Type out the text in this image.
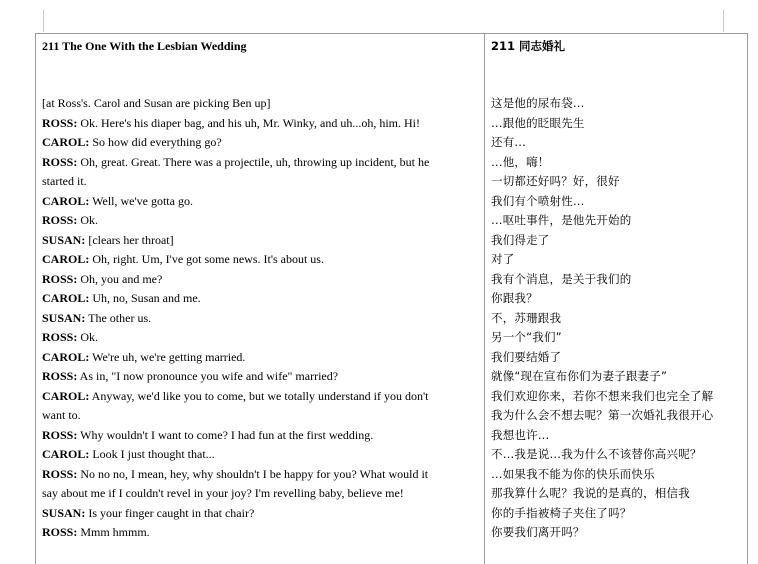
211 The One With the Lesbian Wedding
[at Ross's. Carol and Susan are picking Ben up]
ROSS: Ok. Here's his diaper bag, and his uh, Mr. Winky, and uh...oh, him. Hi!
CAROL: So how did everything go?
ROSS: Oh, great. Great. There was a projectile, uh, throwing up incident, but he
started it.
CAROL: Well, we've gotta go.
ROSS: Ok.
SUSAN: [clears her throat]
CAROL: Oh, right. Um, I've got some news. It's about us.
ROSS: Oh, you and me?
CAROL: Uh, no, Susan and me.
SUSAN: The other us.
ROSS: Ok.
CAROL: We're uh, we're getting married.
ROSS: As in, "I now pronounce you wife and wife" married?
CAROL: Anyway, we'd like you to come, but we totally understand if you don't
want to.
ROSS: Why wouldn't I want to come? I had fun at the first wedding.
CAROL: Look I just thought that...
ROSS: No no no, I mean, hey, why shouldn't I be happy for you? What would it
say about me if I couldn't revel in your joy? I'm revelling baby, believe me!
SUSAN: Is your finger caught in that chair?
ROSS: Mmm hmmm.
211 同志婚礼
这是他的尿布袋…
…跟他的眨眼先生
还有...
…他，嗨！
一切都还好吗？好，很好
我们有个喷射性…
…呕吐事件，是他先开始的
我们得走了
对了
我有个消息，是关于我们的
你跟我？
不，苏珊跟我
另一个“我们”
我们要结婚了
就像“现在宣布你们为妻子跟妻子”
我们欢迎你来，若你不想来我们也完全了解
我为什么会不想去呢？第一次婚礼我很开心
我想也许…
不…我是说…我为什么不该替你高兴呢？
…如果我不能为你的快乐而快乐
那我算什么呢？我说的是真的，相信我
你的手指被椅子夹住了吗？
你要我们离开吗？
